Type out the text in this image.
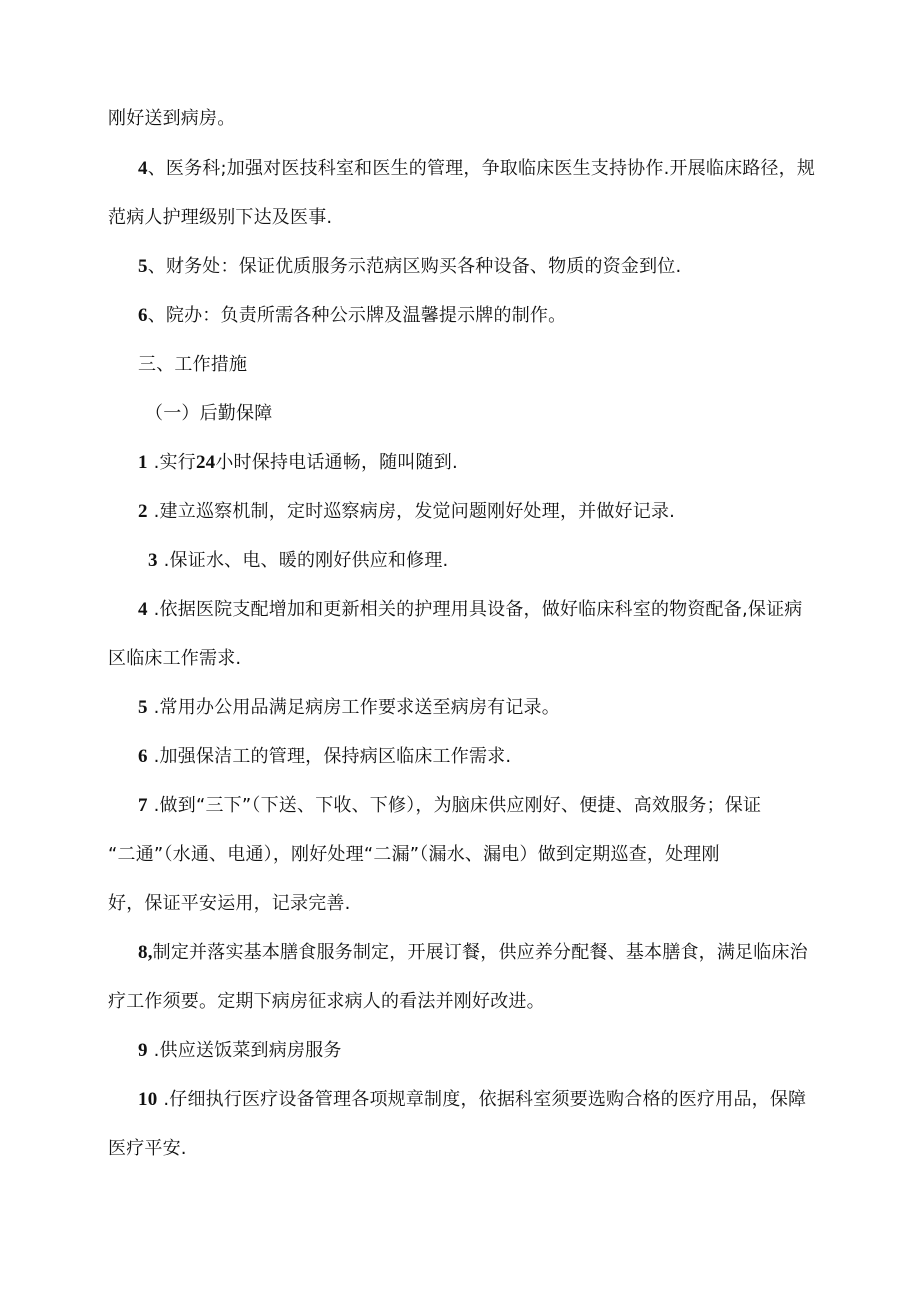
刚好送到病房。
4、医务科;加强对医技科室和医生的管理，争取临床医生支持协作.开展临床路径，规
范病人护理级别下达及医事.
5、财务处：保证优质服务示范病区购买各种设备、物质的资金到位.
6、院办：负责所需各种公示牌及温馨提示牌的制作。
三、工作措施
（一）后勤保障
1 .实行24小时保持电话通畅，随叫随到.
2 .建立巡察机制，定时巡察病房，发觉问题刚好处理，并做好记录.
3 .保证水、电、暖的刚好供应和修理.
4 .依据医院支配增加和更新相关的护理用具设备，做好临床科室的物资配备,保证病
区临床工作需求.
5 .常用办公用品满足病房工作要求送至病房有记录。
6 .加强保洁工的管理，保持病区临床工作需求.
7 .做到“三下”（下送、下收、下修），为脑床供应刚好、便捷、高效服务；保证
“二通”（水通、电通），刚好处理“二漏”（漏水、漏电）做到定期巡查，处理刚
好，保证平安运用，记录完善.
8,制定并落实基本膳食服务制定，开展订餐，供应养分配餐、基本膳食，满足临床治
疗工作须要。定期下病房征求病人的看法并刚好改进。
9 .供应送饭菜到病房服务
10 .仔细执行医疗设备管理各项规章制度，依据科室须要选购合格的医疗用品，保障
医疗平安.
